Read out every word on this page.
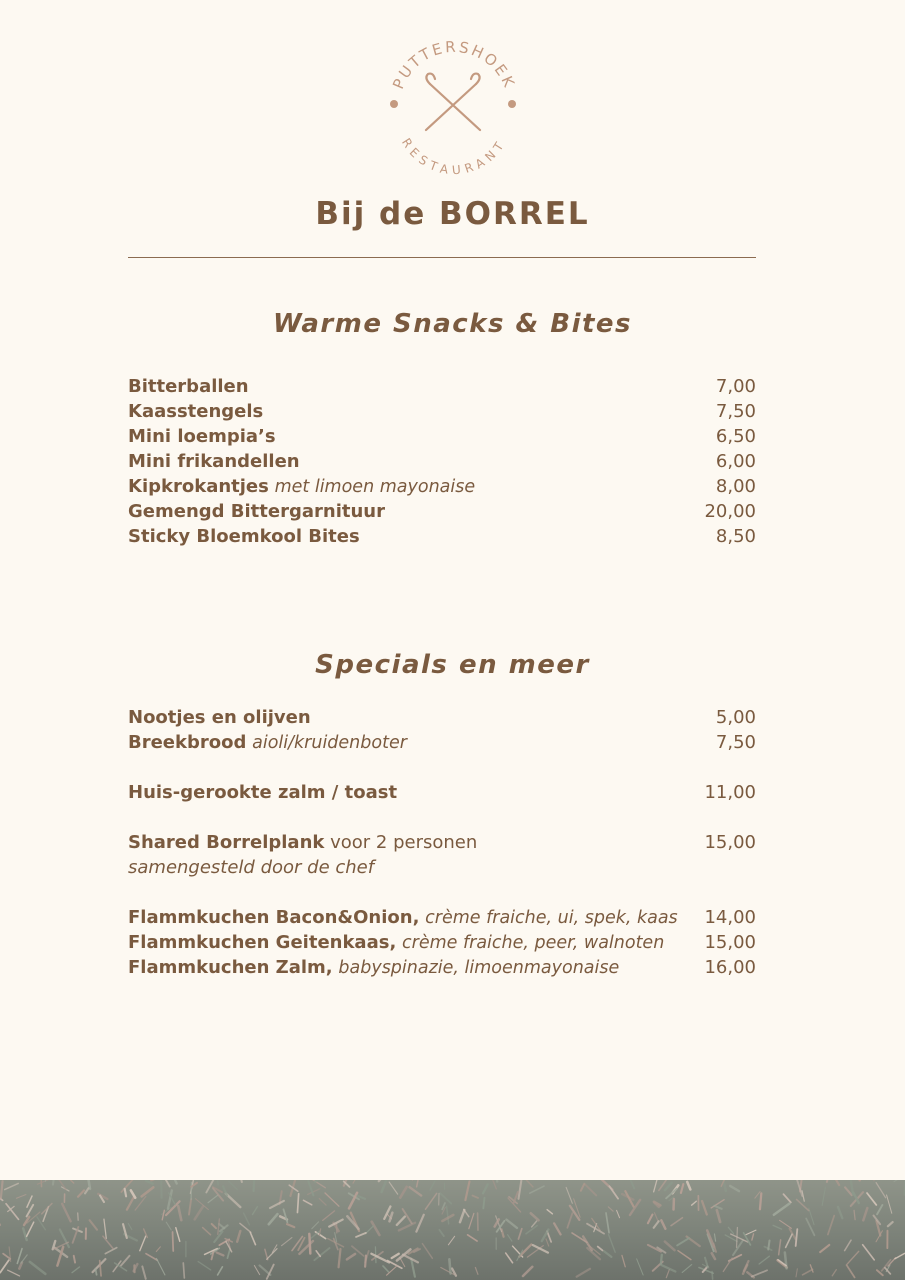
PUTTERSHOEK
RESTAURANT
Bij de BORREL
Warme Snacks & Bites
Bitterballen	7,00
Kaasstengels	7,50
Mini loempia’s	6,50
Mini frikandellen	6,00
Kipkrokantjes met limoen mayonaise	8,00
Gemengd Bittergarnituur	20,00
Sticky Bloemkool Bites	8,50
Specials en meer
Nootjes en olijven	5,00
Breekbrood aioli/kruidenboter	7,50
Huis-gerookte zalm / toast	11,00
Shared Borrelplank voor 2 personen	15,00
samengesteld door de chef
Flammkuchen Bacon&Onion, crème fraiche, ui, spek, kaas 14,00
Flammkuchen Geitenkaas, crème fraiche, peer, walnoten 15,00
Flammkuchen Zalm, babyspinazie, limoenmayonaise	16,00
